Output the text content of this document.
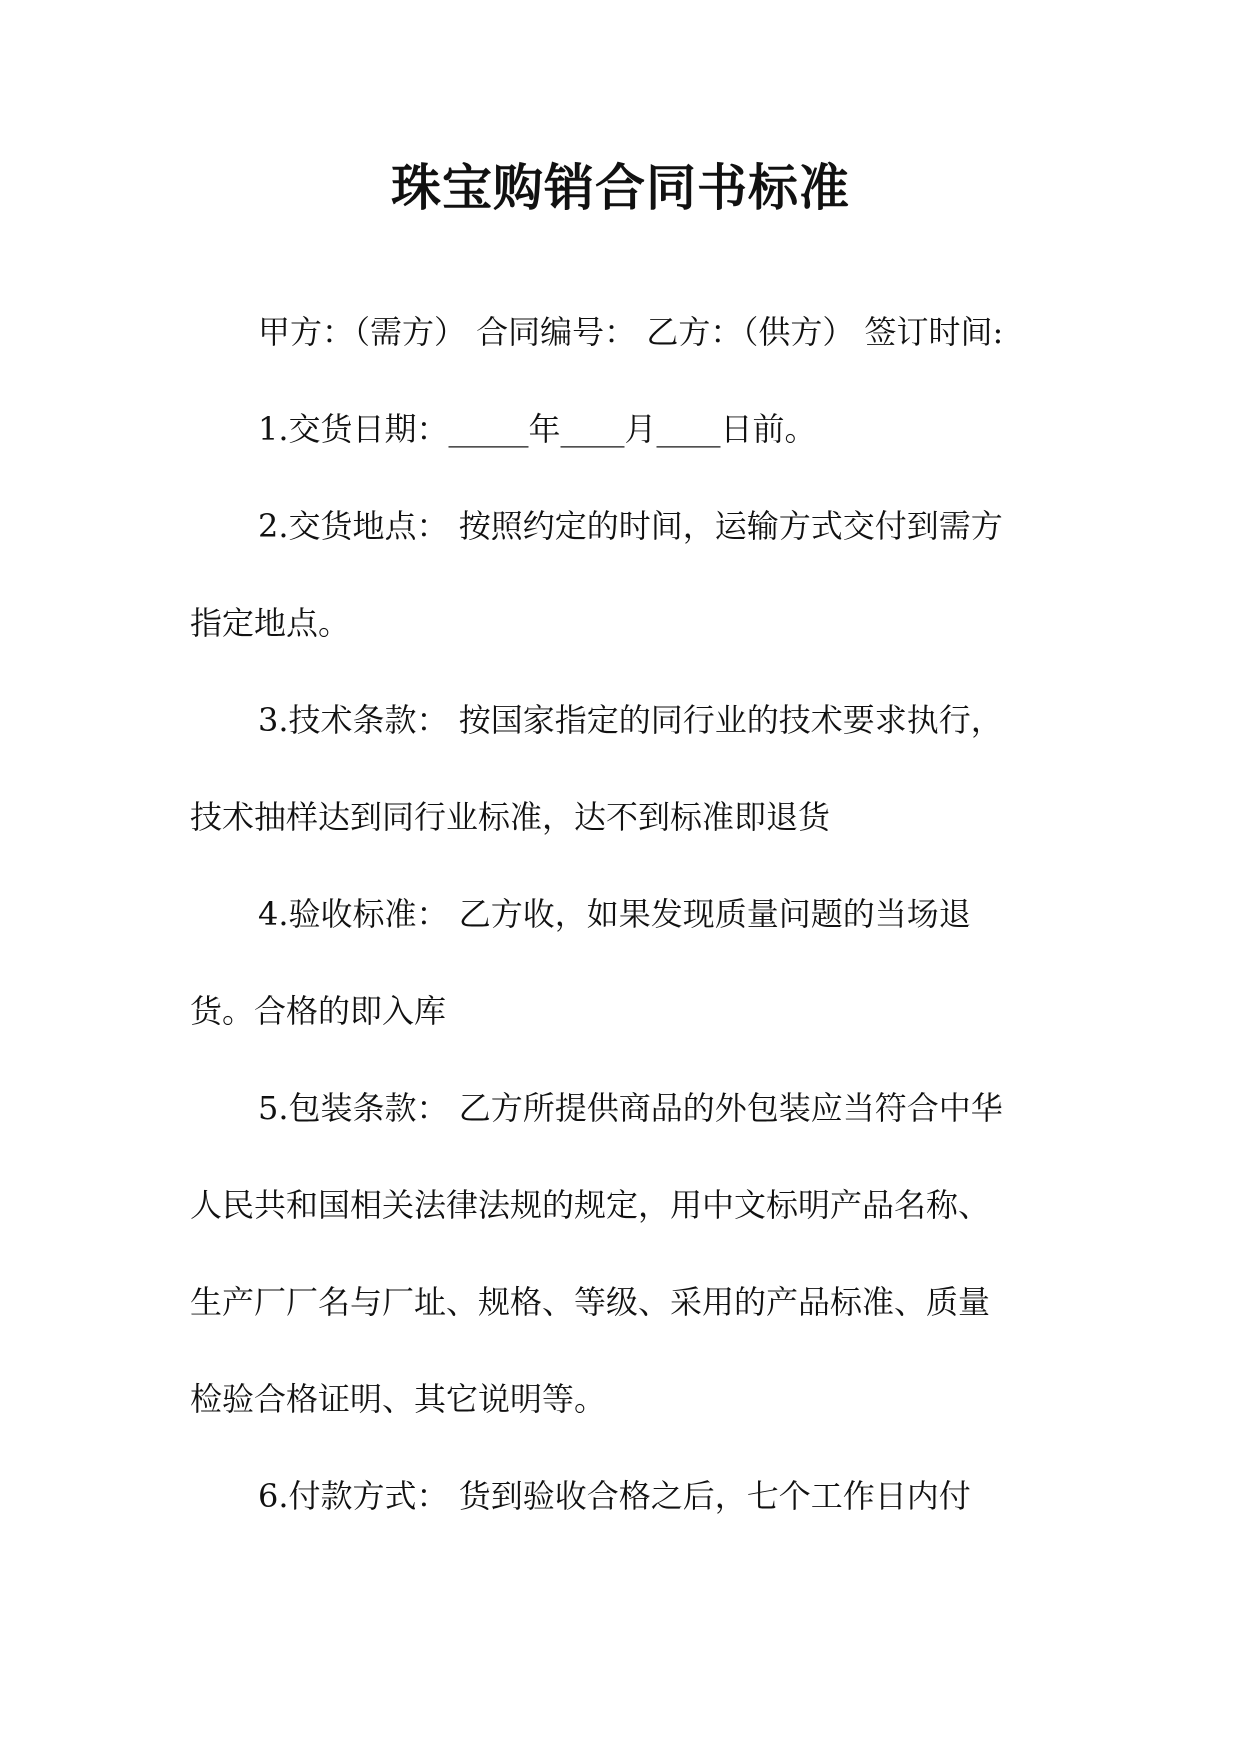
珠宝购销合同书标准
甲方：（需方） 合同编号： 乙方：（供方） 签订时间:
1.交货日期：_____年____月____日前。
2.交货地点： 按照约定的时间，运输方式交付到需方
指定地点。
3.技术条款： 按国家指定的同行业的技术要求执行，
技术抽样达到同行业标准，达不到标准即退货
4.验收标准： 乙方收，如果发现质量问题的当场退
货。合格的即入库
5.包装条款： 乙方所提供商品的外包装应当符合中华
人民共和国相关法律法规的规定，用中文标明产品名称、
生产厂厂名与厂址、规格、等级、采用的产品标准、质量
检验合格证明、其它说明等。
6.付款方式： 货到验收合格之后，七个工作日内付
